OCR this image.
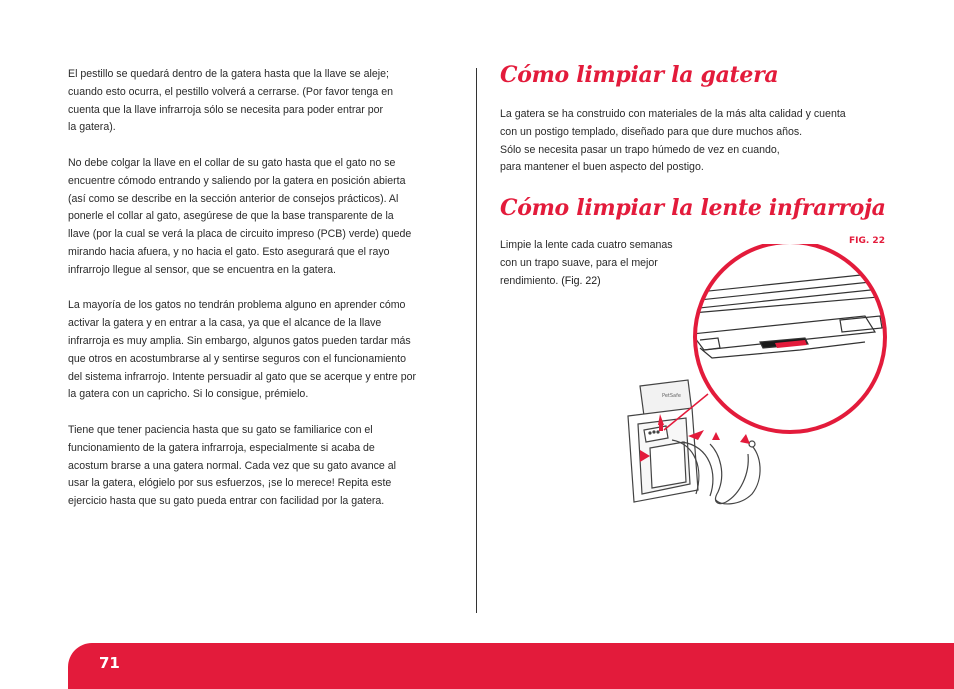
El pestillo se quedará dentro de la gatera hasta que la llave se aleje;
cuando esto ocurra, el pestillo volverá a cerrarse. (Por favor tenga en
cuenta que la llave infrarroja sólo se necesita para poder entrar por
la gatera).

No debe colgar la llave en el collar de su gato hasta que el gato no se
encuentre cómodo entrando y saliendo por la gatera en posición abierta
(así como se describe en la sección anterior de consejos prácticos). Al
ponerle el collar al gato, asegúrese de que la base transparente de la
llave (por la cual se verá la placa de circuito impreso (PCB) verde) quede
mirando hacia afuera, y no hacia el gato. Esto asegurará que el rayo
infrarrojo llegue al sensor, que se encuentra en la gatera.

La mayoría de los gatos no tendrán problema alguno en aprender cómo
activar la gatera y en entrar a la casa, ya que el alcance de la llave
infrarroja es muy amplia. Sin embargo, algunos gatos pueden tardar más
que otros en acostumbrarse al y sentirse seguros con el funcionamiento
del sistema infrarrojo. Intente persuadir al gato que se acerque y entre por
la gatera con un capricho. Si lo consigue, prémielo.

Tiene que tener paciencia hasta que su gato se familiarice con el
funcionamiento de la gatera infrarroja, especialmente si acaba de
acostum brarse a una gatera normal. Cada vez que su gato avance al
usar la gatera, elógielo por sus esfuerzos, ¡se lo merece! Repita este
ejercicio hasta que su gato pueda entrar con facilidad por la gatera.

Cómo limpiar la gatera

La gatera se ha construido con materiales de la más alta calidad y cuenta
con un postigo templado, diseñado para que dure muchos años.
Sólo se necesita pasar un trapo húmedo de vez en cuando,
para mantener el buen aspecto del postigo.

Cómo limpiar la lente infrarroja

Limpie la lente cada cuatro semanas
con un trapo suave, para el mejor
rendimiento. (Fig. 22)

FIG. 22
PetSafe
71
